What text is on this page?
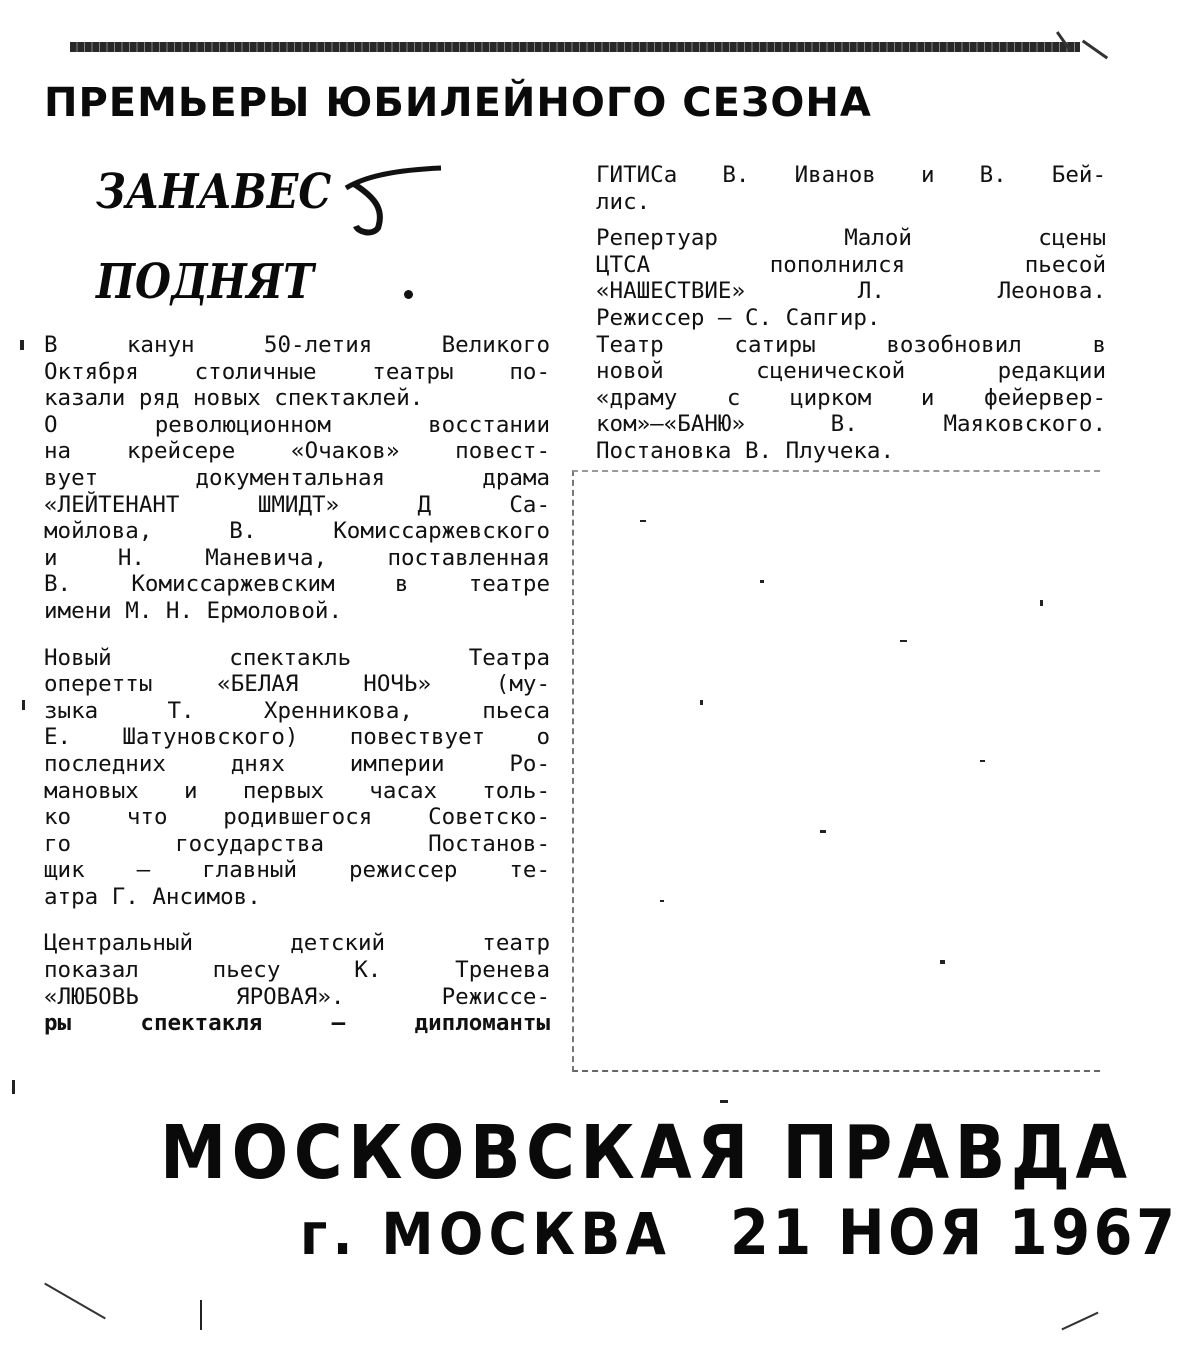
ПРЕМЬЕРЫ ЮБИЛЕЙНОГО СЕЗОНА
ЗАНАВЕС
ПОДНЯТ

В канун 50-летия Великого
Октября столичные театры по-
казали ряд новых спектаклей.

О революционном восстании
на крейсере «Очаков» повест-
вует документальная драма
«ЛЕЙТЕНАНТ ШМИДТ» Д Са-
мойлова, В. Комиссаржевского
и Н. Маневича, поставленная
В. Комиссаржевским в театре
имени М. Н. Ермоловой.

Новый спектакль Театра
оперетты «БЕЛАЯ НОЧЬ» (му-
зыка Т. Хренникова, пьеса
Е. Шатуновского) повествует о
последних днях империи Ро-
мановых и первых часах толь-
ко что родившегося Советско-
го государства Постанов-
щик — главный режиссер те-
атра Г. Ансимов.

Центральный детский театр
показал пьесу К. Тренева
«ЛЮБОВЬ ЯРОВАЯ». Режиссе-
ры спектакля — дипломанты

ГИТИСа В. Иванов и В. Бей-
лис.

Репертуар Малой сцены
ЦТСА пополнился пьесой
«НАШЕСТВИЕ» Л. Леонова.
Режиссер — С. Сапгир.

Театр сатиры возобновил в
новой сценической редакции
«драму с цирком и фейервер-
ком»—«БАНЮ» В. Маяковского.
Постановка В. Плучека.

МОСКОВСКАЯ ПРАВДА
г. МОСКВА 21 НОЯ 1967
